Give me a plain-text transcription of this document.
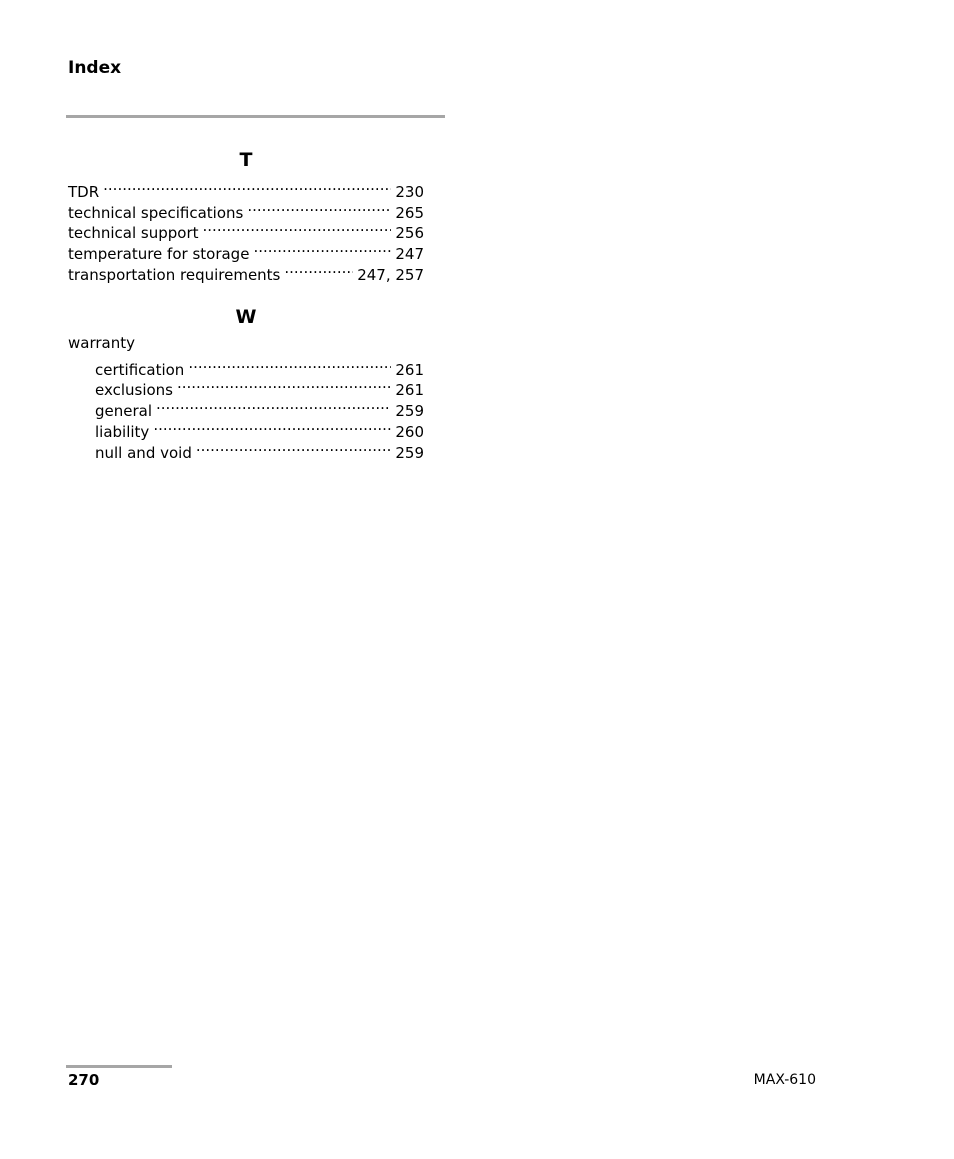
Index
T
TDR .....	230
technical specifications .....	265
technical support .....	256
temperature for storage .....	247
transportation requirements .....	247, 257
W
warranty
certification .....	261
exclusions .....	261
general .....	259
liability .....	260
null and void .....	259
270	MAX-610
